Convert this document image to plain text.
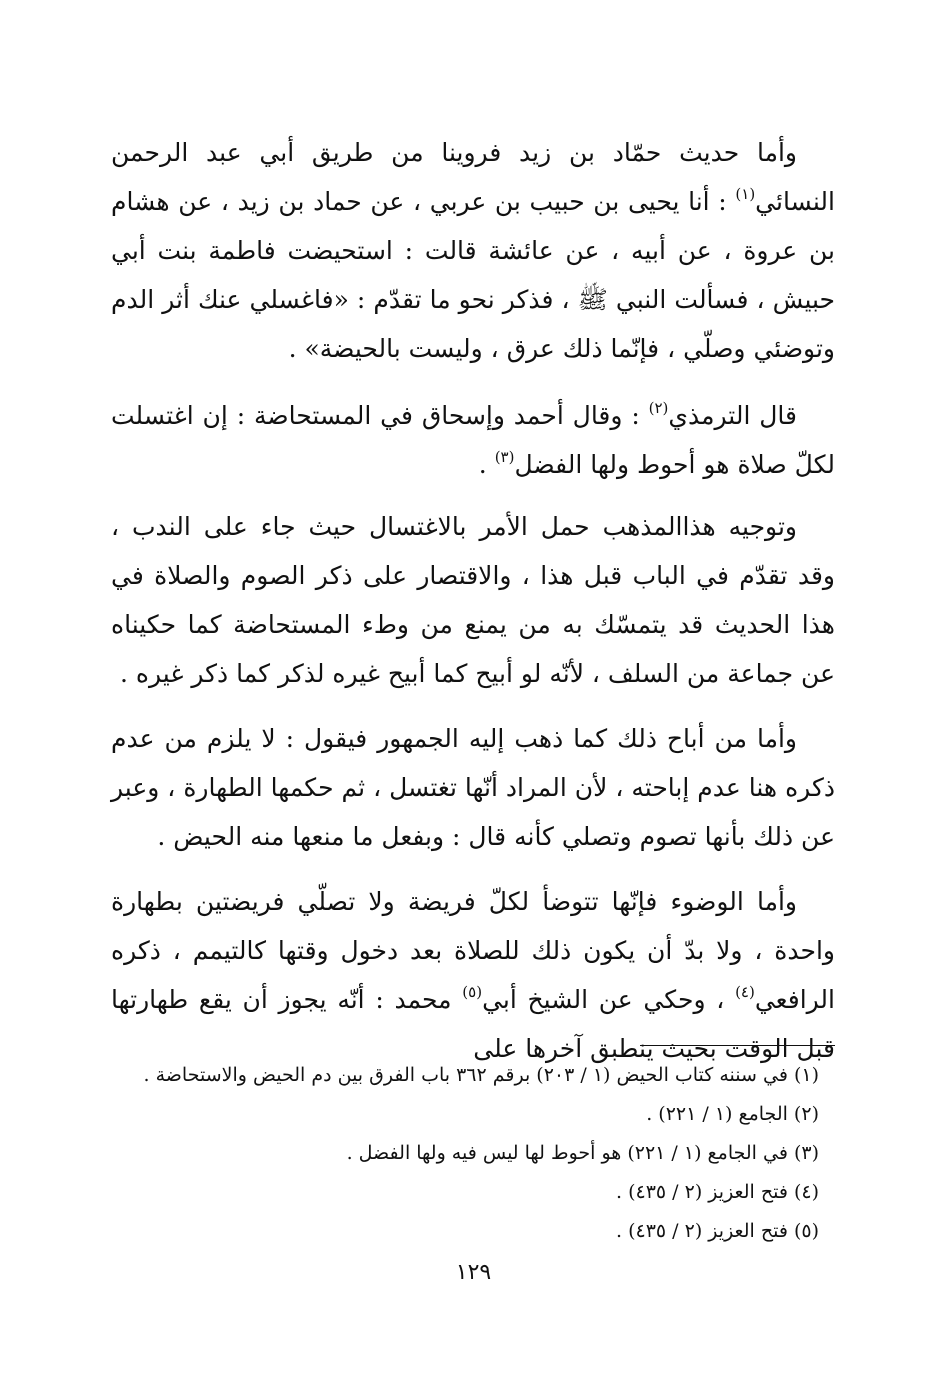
وأما حديث حمّاد بن زيد فروينا من طريق أبي عبد الرحمن النسائي$^{(١)}$ : أنا يحيى بن حبيب بن عربي ، عن حماد بن زيد ، عن هشام بن عروة ، عن أبيه ، عن عائشة قالت : استحيضت فاطمة بنت أبي حبيش ، فسألت النبي ﷺ ، فذكر نحو ما تقدّم : «فاغسلي عنك أثر الدم وتوضئي وصلّي ، فإنّما ذلك عرق ، وليست بالحيضة» .

قال الترمذي$^{(٢)}$ : وقال أحمد وإسحاق في المستحاضة : إن اغتسلت لكلّ صلاة هو أحوط ولها الفضل$^{(٣)}$ .

وتوجيه هذاالمذهب حمل الأمر بالاغتسال حيث جاء على الندب ، وقد تقدّم في الباب قبل هذا ، والاقتصار على ذكر الصوم والصلاة في هذا الحديث قد يتمسّك به من يمنع من وطء المستحاضة كما حكيناه عن جماعة من السلف ، لأنّه لو أبيح كما أبيح غيره لذكر كما ذكر غيره .

وأما من أباح ذلك كما ذهب إليه الجمهور فيقول : لا يلزم من عدم ذكره هنا عدم إباحته ، لأن المراد أنّها تغتسل ، ثم حكمها الطهارة ، وعبر عن ذلك بأنها تصوم وتصلي كأنه قال : وبفعل ما منعها منه الحيض .

وأما الوضوء فإنّها تتوضأ لكلّ فريضة ولا تصلّي فريضتين بطهارة واحدة ، ولا بدّ أن يكون ذلك للصلاة بعد دخول وقتها كالتيمم ، ذكره الرافعي$^{(٤)}$ ، وحكي عن الشيخ أبي$^{(٥)}$ محمد : أنّه يجوز أن يقع طهارتها قبل الوقت بحيث ينطبق آخرها على

(١) في سننه كتاب الحيض (١ / ٢٠٣) برقم ٣٦٢ باب الفرق بين دم الحيض والاستحاضة .
(٢) الجامع (١ / ٢٢١) .
(٣) في الجامع (١ / ٢٢١) هو أحوط لها ليس فيه ولها الفضل .
(٤) فتح العزيز (٢ / ٤٣٥) .
(٥) فتح العزيز (٢ / ٤٣٥) .
١٢٩
